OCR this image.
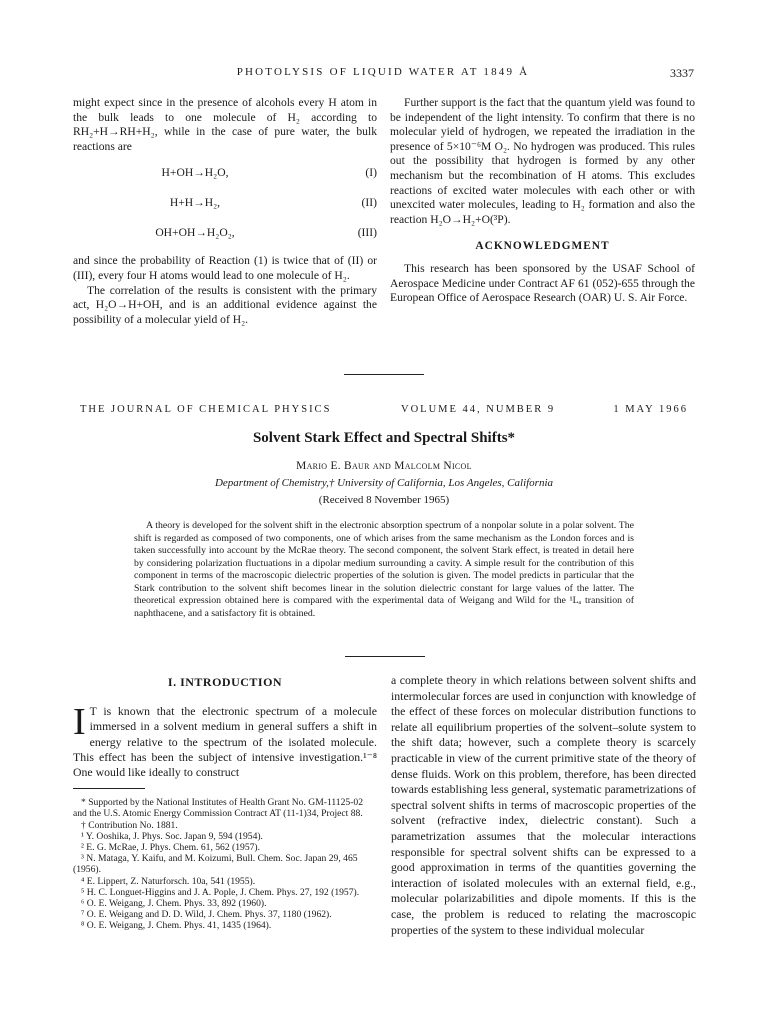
PHOTOLYSIS OF LIQUID WATER AT 1849 Å	3337

might expect since in the presence of alcohols every H atom in the bulk leads to one molecule of H₂ according to RH₂+H→RH+H₂, while in the case of pure water, the bulk reactions are

H+OH→H₂O,	(I)
H+H→H₂,	(II)
OH+OH→H₂O₂,	(III)

and since the probability of Reaction (1) is twice that of (II) or (III), every four H atoms would lead to one molecule of H₂.

The correlation of the results is consistent with the primary act, H₂O→H+OH, and is an additional evidence against the possibility of a molecular yield of H₂.

Further support is the fact that the quantum yield was found to be independent of the light intensity. To confirm that there is no molecular yield of hydrogen, we repeated the irradiation in the presence of 5×10⁻⁶M O₂. No hydrogen was produced. This rules out the possibility that hydrogen is formed by any other mechanism but the recombination of H atoms. This excludes reactions of excited water molecules with each other or with unexcited water molecules, leading to H₂ formation and also the reaction H₂O→H₂+O(³P).

ACKNOWLEDGMENT

This research has been sponsored by the USAF School of Aerospace Medicine under Contract AF 61 (052)-655 through the European Office of Aerospace Research (OAR) U. S. Air Force.

THE JOURNAL OF CHEMICAL PHYSICS	VOLUME 44, NUMBER 9	1 MAY 1966
Solvent Stark Effect and Spectral Shifts*
Mario E. Baur and Malcolm Nicol
Department of Chemistry,† University of California, Los Angeles, California
(Received 8 November 1965)
A theory is developed for the solvent shift in the electronic absorption spectrum of a nonpolar solute in a polar solvent. The shift is regarded as composed of two components, one of which arises from the same mechanism as the London forces and is taken successfully into account by the McRae theory. The second component, the solvent Stark effect, is treated in detail here by considering polarization fluctuations in a dipolar medium surrounding a cavity. A simple result for the contribution of this component in terms of the macroscopic dielectric properties of the solution is given. The model predicts in particular that the Stark contribution to the solvent shift becomes linear in the solution dielectric constant for large values of the latter. The theoretical expression obtained here is compared with the experimental data of Weigang and Wild for the ¹Lₐ transition of naphthacene, and a satisfactory fit is obtained.
I. INTRODUCTION

I T is known that the electronic spectrum of a molecule immersed in a solvent medium in general suffers a shift in energy relative to the spectrum of the isolated molecule. This effect has been the subject of intensive investigation.¹⁻⁸ One would like ideally to construct

* Supported by the National Institutes of Health Grant No. GM-11125-02 and the U.S. Atomic Energy Commission Contract AT (11-1)34, Project 88.
† Contribution No. 1881.
¹ Y. Ooshika, J. Phys. Soc. Japan 9, 594 (1954).
² E. G. McRae, J. Phys. Chem. 61, 562 (1957).
³ N. Mataga, Y. Kaifu, and M. Koizumi, Bull. Chem. Soc. Japan 29, 465 (1956).
⁴ E. Lippert, Z. Naturforsch. 10a, 541 (1955).
⁵ H. C. Longuet-Higgins and J. A. Pople, J. Chem. Phys. 27, 192 (1957).
⁶ O. E. Weigang, J. Chem. Phys. 33, 892 (1960).
⁷ O. E. Weigang and D. D. Wild, J. Chem. Phys. 37, 1180 (1962).
⁸ O. E. Weigang, J. Chem. Phys. 41, 1435 (1964).

a complete theory in which relations between solvent shifts and intermolecular forces are used in conjunction with knowledge of the effect of these forces on molecular distribution functions to relate all equilibrium properties of the solvent–solute system to the shift data; however, such a complete theory is scarcely practicable in view of the current primitive state of the theory of dense fluids. Work on this problem, therefore, has been directed towards establishing less general, systematic parametrizations of spectral solvent shifts in terms of macroscopic properties of the solvent (refractive index, dielectric constant). Such a parametrization assumes that the molecular interactions responsible for spectral solvent shifts can be expressed to a good approximation in terms of the quantities governing the interaction of isolated molecules with an external field, e.g., molecular polarizabilities and dipole moments. If this is the case, the problem is reduced to relating the macroscopic properties of the system to these individual molecular
